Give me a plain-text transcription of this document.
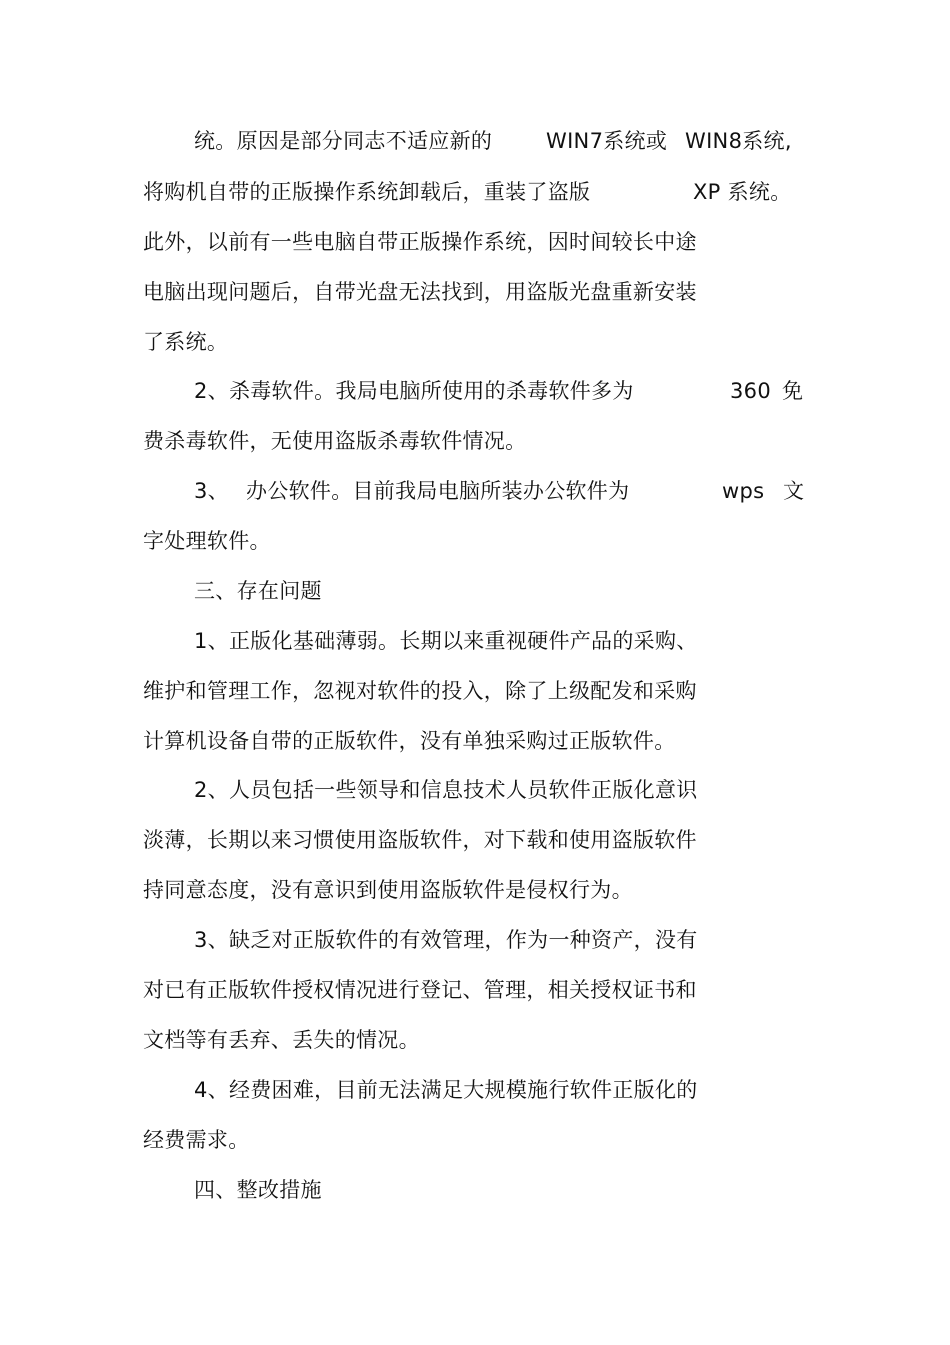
统。原因是部分同志不适应新的	WIN7系统或 WIN8系统,
将购机自带的正版操作系统卸载后，重装了盗版	XP 系统。
此外，以前有一些电脑自带正版操作系统，因时间较长中途
电脑出现问题后，自带光盘无法找到，用盗版光盘重新安装
了系统。
2、杀毒软件。我局电脑所使用的杀毒软件多为	360 免
费杀毒软件，无使用盗版杀毒软件情况。
3、 办公软件。目前我局电脑所装办公软件为	wps 文
字处理软件。
三、存在问题
1、正版化基础薄弱。长期以来重视硬件产品的采购、
维护和管理工作，忽视对软件的投入，除了上级配发和采购
计算机设备自带的正版软件，没有单独采购过正版软件。
2、人员包括一些领导和信息技术人员软件正版化意识
淡薄，长期以来习惯使用盗版软件，对下载和使用盗版软件
持同意态度，没有意识到使用盗版软件是侵权行为。
3、缺乏对正版软件的有效管理，作为一种资产，没有
对已有正版软件授权情况进行登记、管理，相关授权证书和
文档等有丢弃、丢失的情况。
4、经费困难，目前无法满足大规模施行软件正版化的
经费需求。
四、整改措施
